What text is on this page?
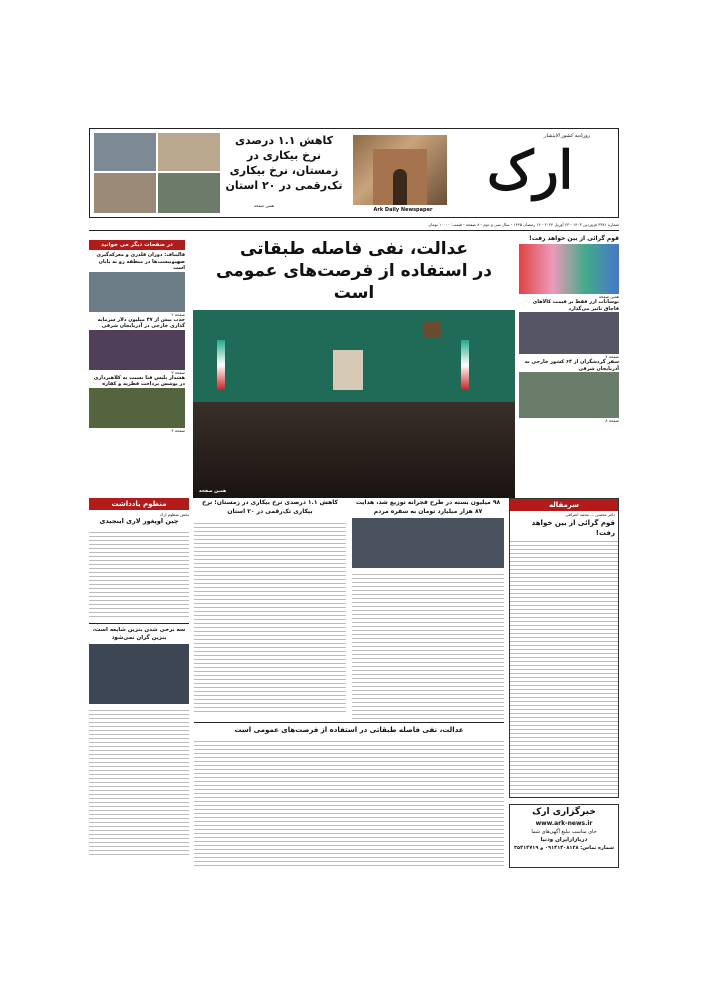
کاهش ۱.۱ درصدی نرخ بیکاری در زمستان، نرخ بیکاری تک‌رقمی در ۲۰ استان
همین صفحه
روزنامه کشور الایتشار
ارک
Ark Daily Newspaper
شماره ۳۳۸۱ فروردین ۱۴۰۳ - ۲۳ آوریل ۲۰۲۴ - ۱۴ رمضان ۱۴۴۵ - سال سی و دوم - ۸ صفحه - قیمت: ۱۰۰۰۰ تومان
قوم گرائی از بین خواهد رفت!
همین صفحه
نوسانات ارز فقط بر قیمت کالاهای قاچاق تاثیر می‌گذارد
صفحه ۷
سفر گردشگران از ۶۴ کشور خارجی به آذربایجان شرقی
صفحه ۸
عدالت، نفی فاصله طبقاتی
در استفاده از فرصت‌های عمومی است
همین صفحه
در صفحات دیگر می خوانید
قالیباف: دوران قلدری و معرکه‌گیری صهیونیست‌ها در منطقه رو به پایان است
صفحه ۲
جذب بیش از ۴۷ میلیون دلار سرمایه گذاری خارجی در آذربایجان شرقی
صفحه ۳
هشدار پلیس فتا نسبت به کلاهبرداری در پوشش پرداخت فطریه و کفاره
صفحه ۴
سرمقاله
دکتر محسن ... محمد اشرافی
قوم گرائی از بین خواهد رفت!
خبرگزاری ارک
www.ark-news.ir
جای مناسب تبلیغ آگهی‌های شما
دربازارایران ودنیا
شماره تماس: ۰۹۱۴۱۴۰۸۱۲۸ و ۳۵۴۱۴۷۱۹
۹۸ میلیون بسته در طرح فجرانه توزیع شد، هدایت ۸۷ هزار میلیارد تومان به سفره مردم
کاهش ۱.۱ درصدی نرخ بیکاری در زمستان؛ نرخ بیکاری تک‌رقمی در ۲۰ استان
عدالت، نفی فاصله طبقاتی در استفاده از فرصت‌های عمومی است
منظوم یادداشت
بخش منظوم ارک
چین اویغور لاری اینجیدی
سه نرخی شدن بنزین شایعه است، بنزین گران نمی‌شود
